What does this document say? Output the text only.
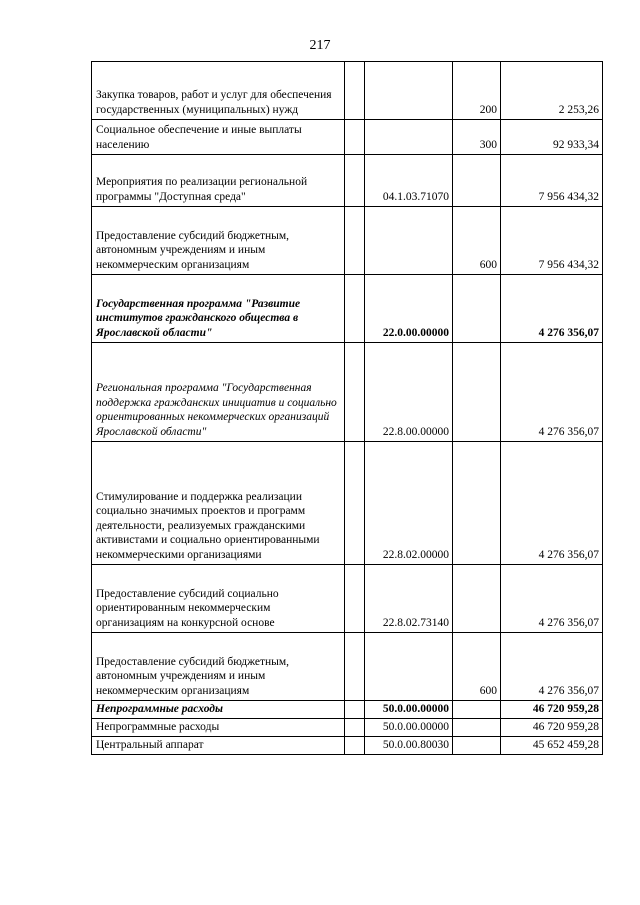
217
Закупка товаров, работ и услуг для обеспечения государственных (муниципальных) нужд			200	2 253,26

Социальное обеспечение и иные выплаты населению			300	92 933,34

Мероприятия по реализации региональной программы "Доступная среда"		04.1.03.71070		7 956 434,32

Предоставление субсидий бюджетным, автономным учреждениям и иным некоммерческим организациям			600	7 956 434,32

Государственная программа "Развитие институтов гражданского общества в Ярославской области"		22.0.00.00000		4 276 356,07

Региональная программа "Государственная поддержка гражданских инициатив и социально ориентированных некоммерческих организаций Ярославской области"		22.8.00.00000		4 276 356,07

Стимулирование и поддержка реализации социально значимых проектов и программ деятельности, реализуемых гражданскими активистами и социально ориентированными некоммерческими организациями		22.8.02.00000		4 276 356,07

Предоставление субсидий социально ориентированным некоммерческим организациям на конкурсной основе		22.8.02.73140		4 276 356,07

Предоставление субсидий бюджетным, автономным учреждениям и иным некоммерческим организациям			600	4 276 356,07

Непрограммные расходы		50.0.00.00000		46 720 959,28

Непрограммные расходы		50.0.00.00000		46 720 959,28

Центральный аппарат		50.0.00.80030		45 652 459,28
